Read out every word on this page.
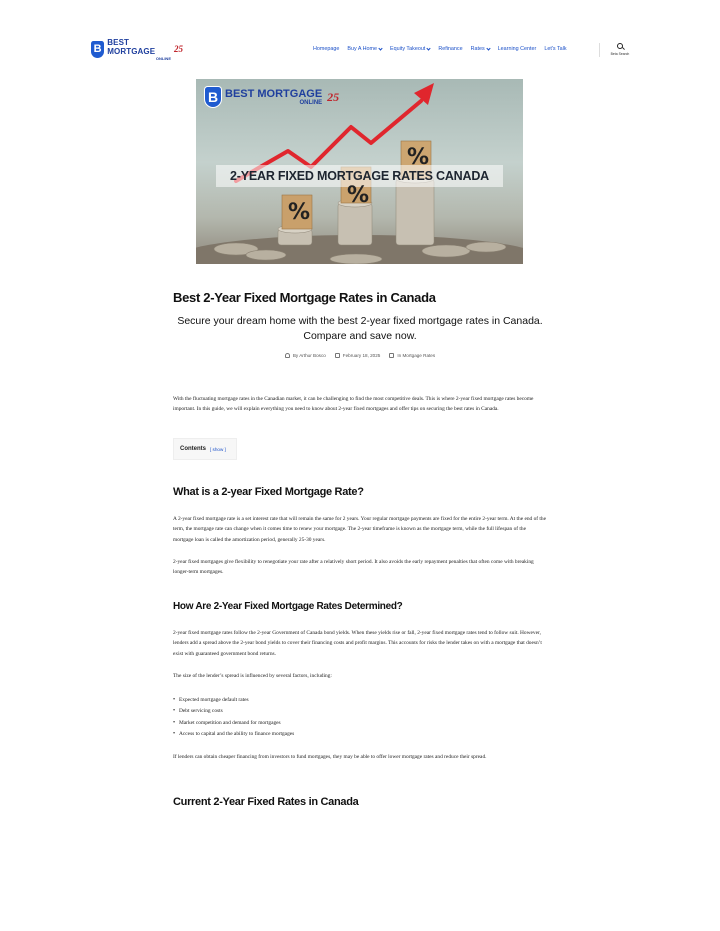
B
BEST MORTGAGE
ONLINE
25	Homepage Buy A Home Equity Takeout Refinance Rates Learning Center Let's Talk
Beta Search
B BEST MORTGAGE
ONLINE 25
2-YEAR FIXED MORTGAGE RATES CANADA
%
%
%
Best 2-Year Fixed Mortgage Rates in Canada

Secure your dream home with the best 2-year fixed mortgage rates in Canada. Compare and save now.

By Arthur Bosco	February 18, 2025	In Mortgage Rates

With the fluctuating mortgage rates in the Canadian market, it can be challenging to find the most competitive deals. This is where 2-year fixed mortgage rates become important. In this guide, we will explain everything you need to know about 2-year fixed mortgages and offer tips on securing the best rates in Canada.

Contents [ show ]
What is a 2-year Fixed Mortgage Rate?

A 2-year fixed mortgage rate is a set interest rate that will remain the same for 2 years. Your regular mortgage payments are fixed for the entire 2-year term. At the end of the term, the mortgage rate can change when it comes time to renew your mortgage. The 2-year timeframe is known as the mortgage term, while the full lifespan of the mortgage loan is called the amortization period, generally 25-30 years.

2-year fixed mortgages give flexibility to renegotiate your rate after a relatively short period. It also avoids the early repayment penalties that often come with breaking longer-term mortgages.

How Are 2-Year Fixed Mortgage Rates Determined?

2-year fixed mortgage rates follow the 2-year Government of Canada bond yields. When these yields rise or fall, 2-year fixed mortgage rates tend to follow suit. However, lenders add a spread above the 2-year bond yields to cover their financing costs and profit margins. This accounts for risks the lender takes on with a mortgage that doesn’t exist with guaranteed government bond returns.

The size of the lender’s spread is influenced by several factors, including:

• Expected mortgage default rates
• Debt servicing costs
• Market competition and demand for mortgages
• Access to capital and the ability to finance mortgages

If lenders can obtain cheaper financing from investors to fund mortgages, they may be able to offer lower mortgage rates and reduce their spread.

Current 2-Year Fixed Rates in Canada
